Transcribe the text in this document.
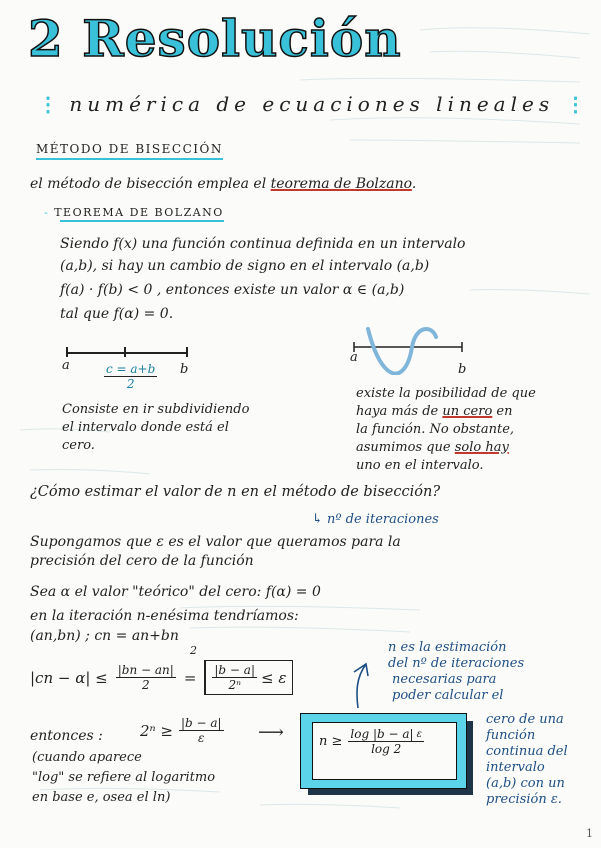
2 Resolución
⋮ numérica de ecuaciones lineales ⋮
MÉTODO DE BISECCIÓN
el método de bisección emplea el teorema de Bolzano.
- TEOREMA DE BOLZANO
Siendo f(x) una función continua definida en un intervalo
(a,b), si hay un cambio de signo en el intervalo (a,b)
f(a) · f(b) < 0 , entonces existe un valor α ∈ (a,b)
tal que f(α) = 0.
a	$\frac{c = a+b}{2}$ b
Consiste en ir subdividiendo
el intervalo donde está el
cero.
a
b
existe la posibilidad de que
haya más de un cero en
la función. No obstante,
asumimos que solo hay
uno en el intervalo.
¿Cómo estimar el valor de n en el método de bisección?
↳ nº de iteraciones
Supongamos que ε es el valor que queramos para la
precisión del cero de la función
Sea α el valor "teórico" del cero: f(α) = 0
en la iteración n-enésima tendríamos:
(an,bn) ; cn = an+bn
2
$|cn - \alpha| \le \frac{|bn - an|}{2} = \frac{|b - a|}{\text{2ⁿ}} \le \varepsilon$
n es la estimación
del nº de iteraciones
necesarias para
poder calcular el
cero de una
función
continua del
intervalo
(a,b) con un
precisión ε.
entonces : $2^n \ge \frac{|b - a|}{\varepsilon}$ ⟶	$n \ge \frac{\log |b - a| \varepsilon}{\log 2}$
(cuando aparece
"log" se refiere al logaritmo
en base e, osea el ln)
1
